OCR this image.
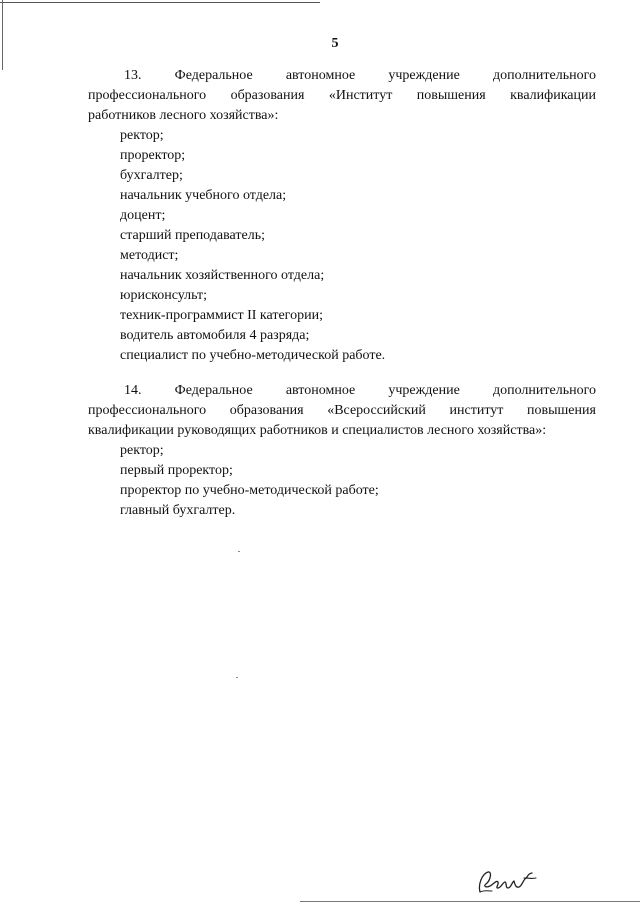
5
13. Федеральное автономное учреждение дополнительного
профессионального образования «Институт повышения квалификации
работников лесного хозяйства»:
ректор;
проректор;
бухгалтер;
начальник учебного отдела;
доцент;
старший преподаватель;
методист;
начальник хозяйственного отдела;
юрисконсульт;
техник-программист II категории;
водитель автомобиля 4 разряда;
специалист по учебно-методической работе.
14. Федеральное автономное учреждение дополнительного
профессионального образования «Всероссийский институт повышения
квалификации руководящих работников и специалистов лесного хозяйства»:
ректор;
первый проректор;
проректор по учебно-методической работе;
главный бухгалтер.
